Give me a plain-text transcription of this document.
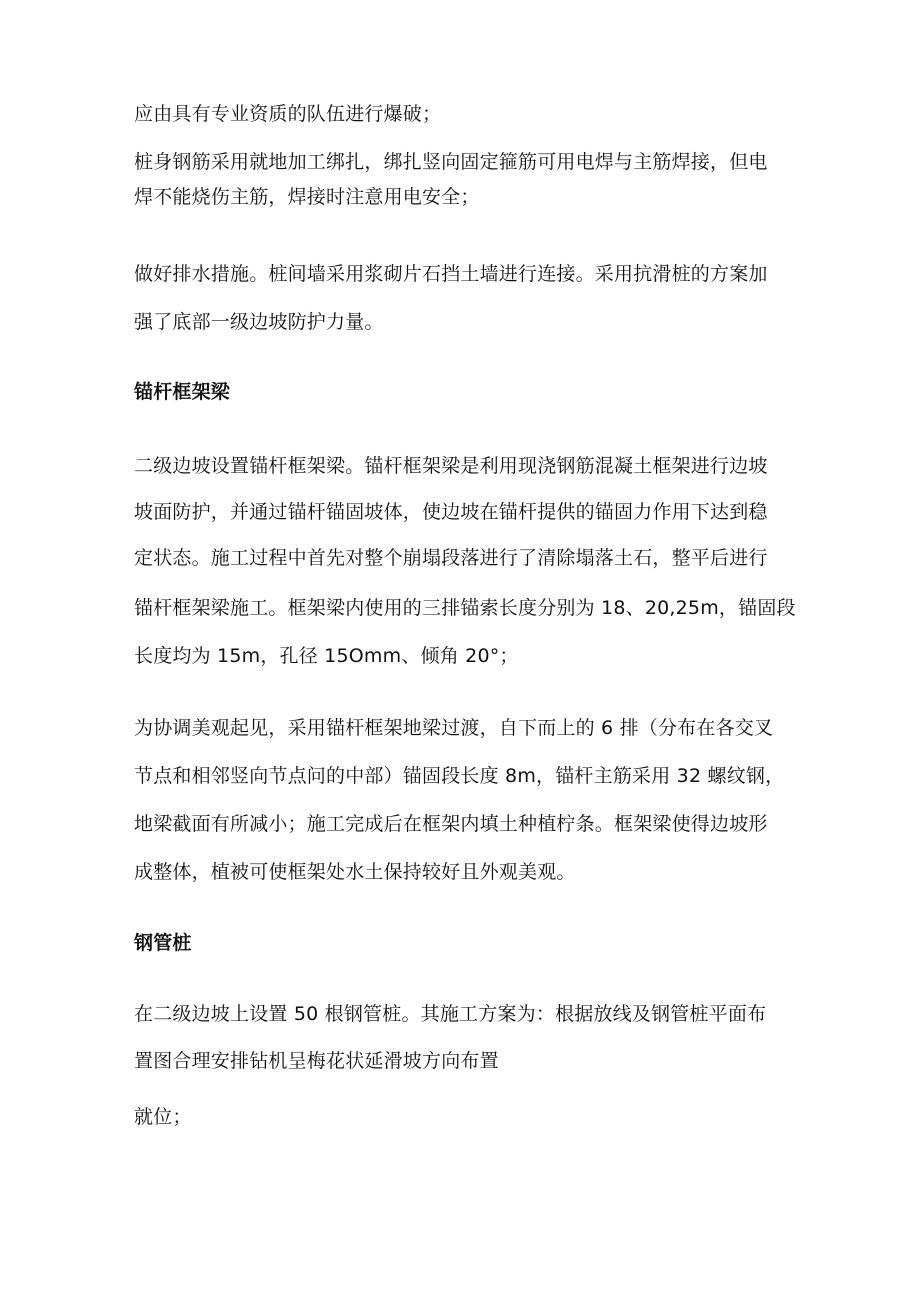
应由具有专业资质的队伍进行爆破；
桩身钢筋采用就地加工绑扎，绑扎竖向固定箍筋可用电焊与主筋焊接，但电
焊不能烧伤主筋，焊接时注意用电安全；
做好排水措施。桩间墙采用浆砌片石挡土墙进行连接。采用抗滑桩的方案加
强了底部一级边坡防护力量。
锚杆框架梁
二级边坡设置锚杆框架梁。锚杆框架梁是利用现浇钢筋混凝土框架进行边坡
坡面防护，并通过锚杆锚固坡体，使边坡在锚杆提供的锚固力作用下达到稳
定状态。施工过程中首先对整个崩塌段落进行了清除塌落土石，整平后进行
锚杆框架梁施工。框架梁内使用的三排锚索长度分别为 18、20,25m，锚固段
长度均为 15m，孔径 15Omm、倾角 20°；
为协调美观起见，采用锚杆框架地梁过渡，自下而上的 6 排（分布在各交叉
节点和相邻竖向节点问的中部）锚固段长度 8m，锚杆主筋采用 32 螺纹钢，
地梁截面有所减小；施工完成后在框架内填土种植柠条。框架梁使得边坡形
成整体，植被可使框架处水土保持较好且外观美观。
钢管桩
在二级边坡上设置 50 根钢管桩。其施工方案为：根据放线及钢管桩平面布
置图合理安排钻机呈梅花状延滑坡方向布置
就位；
